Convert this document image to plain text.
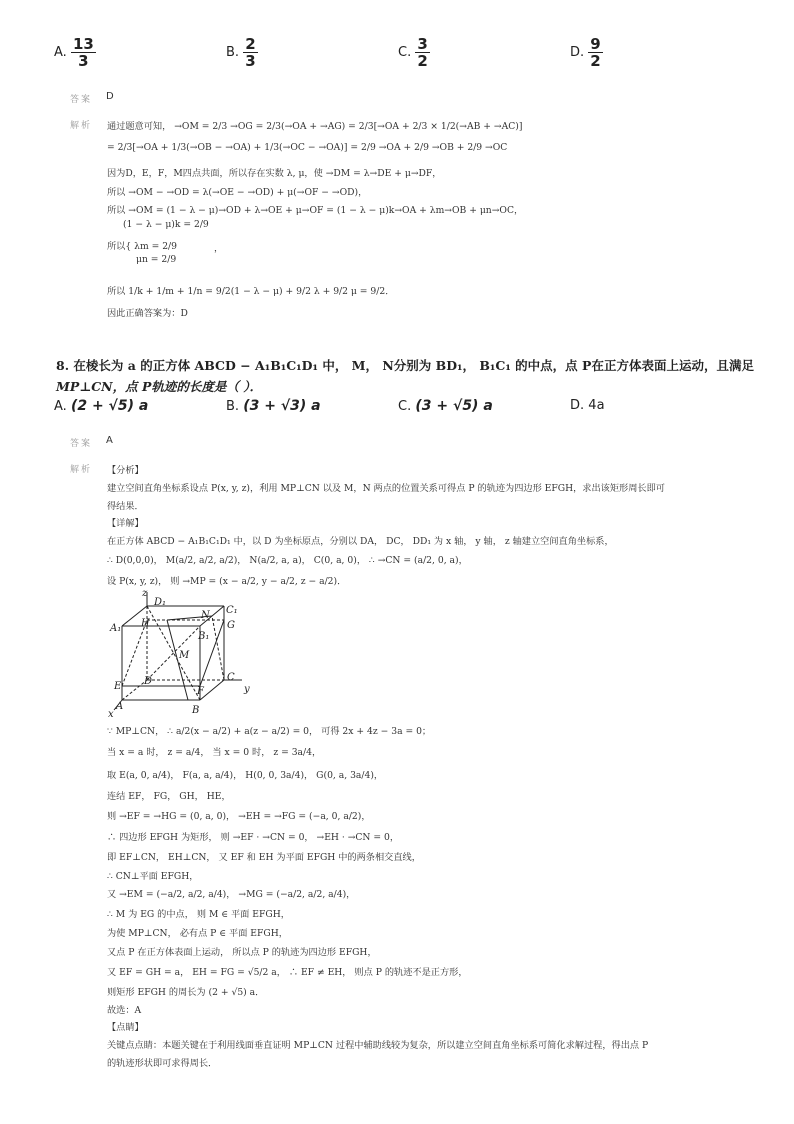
A. $\frac{13}{3}$	B. $\frac{2}{3}$	C. $\frac{3}{2}$	D. $\frac{9}{2}$
答案 D
解析 通过题意可知， →OM = 2/3 →OG = 2/3(→OA + →AG) = 2/3[→OA + 2/3 × 1/2(→AB + →AC)]
= 2/3[→OA + 1/3(→OB − →OA) + 1/3(→OC − →OA)] = 2/9 →OA + 2/9 →OB + 2/9 →OC
因为D，E，F，M四点共面，所以存在实数 λ, μ，使 →DM = λ→DE + μ→DF，
所以 →OM − →OD = λ(→OE − →OD) + μ(→OF − →OD)，
所以 →OM = (1 − λ − μ)→OD + λ→OE + μ→OF = (1 − λ − μ)k→OA + λm→OB + μn→OC，
(1 − λ − μ)k = 2/9
所以{ λm = 2/9
μn = 2/9
，
所以 1/k + 1/m + 1/n = 9/2(1 − λ − μ) + 9/2 λ + 9/2 μ = 9/2．
因此正确答案为：D
8. 在棱长为 a 的正方体 ABCD − A₁B₁C₁D₁ 中， M， N分别为 BD₁， B₁C₁ 的中点，点 P在正方体表面上运动，且满足
MP⊥CN，点 P轨迹的长度是（ ）．
A. (2 + √5) a	B. (3 + √3) a	C. (3 + √5) a	D. 4a
答案 A
解析 【分析】
建立空间直角坐标系设点 P(x, y, z)，利用 MP⊥CN 以及 M，N 两点的位置关系可得点 P 的轨迹为四边形 EFGH，求出该矩形周长即可
得结果．
【详解】
在正方体 ABCD − A₁B₁C₁D₁ 中，以 D 为坐标原点，分别以 DA， DC， DD₁ 为 x 轴， y 轴， z 轴建立空间直角坐标系，
∴ D(0,0,0)， M(a/2, a/2, a/2)， N(a/2, a, a)， C(0, a, 0)， ∴ →CN = (a/2, 0, a)，
设 P(x, y, z)， 则 →MP = (x − a/2, y − a/2, z − a/2)．
z
y
x
D₁
C₁
A₁
B₁
H
N
G
M
D	C
E	F
A	B
∵ MP⊥CN， ∴ a/2(x − a/2) + a(z − a/2) = 0， 可得 2x + 4z − 3a = 0；
当 x = a 时， z = a/4， 当 x = 0 时， z = 3a/4，
取 E(a, 0, a/4)， F(a, a, a/4)， H(0, 0, 3a/4)， G(0, a, 3a/4)，
连结 EF， FG， GH， HE，
则 →EF = →HG = (0, a, 0)， →EH = →FG = (−a, 0, a/2)，
∴ 四边形 EFGH 为矩形， 则 →EF · →CN = 0， →EH · →CN = 0，
即 EF⊥CN， EH⊥CN， 又 EF 和 EH 为平面 EFGH 中的两条相交直线，
∴ CN⊥平面 EFGH，
又 →EM = (−a/2, a/2, a/4)， →MG = (−a/2, a/2, a/4)，
∴ M 为 EG 的中点， 则 M ∈ 平面 EFGH，
为使 MP⊥CN， 必有点 P ∈ 平面 EFGH，
又点 P 在正方体表面上运动， 所以点 P 的轨迹为四边形 EFGH，
又 EF = GH = a， EH = FG = √5/2 a， ∴ EF ≠ EH， 则点 P 的轨迹不是正方形，
则矩形 EFGH 的周长为 (2 + √5) a．
故选：A
【点睛】
关键点点睛：本题关键在于利用线面垂直证明 MP⊥CN 过程中辅助线较为复杂，所以建立空间直角坐标系可简化求解过程，得出点 P
的轨迹形状即可求得周长．
